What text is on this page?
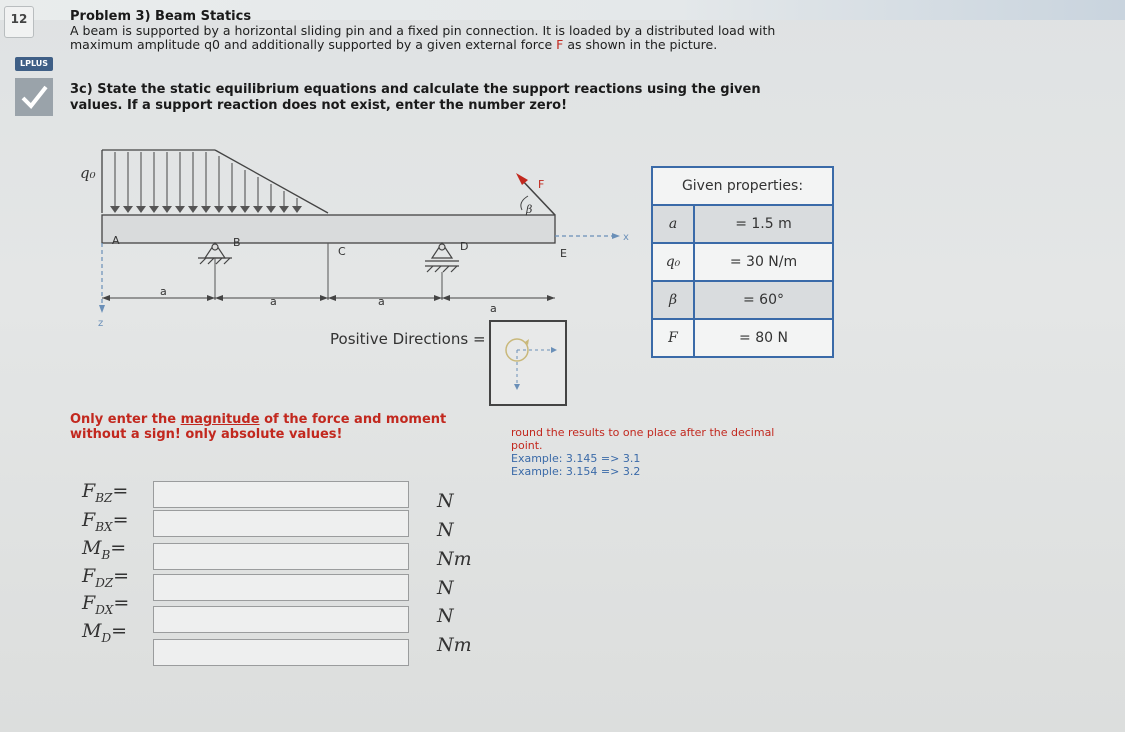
12
LPLUS
Problem 3) Beam Statics
A beam is supported by a horizontal sliding pin and a fixed pin connection. It is loaded by a distributed load with maximum amplitude q0 and additionally supported by a given external force F as shown in the picture.
3c) State the static equilibrium equations and calculate the support reactions using the given values. If a support reaction does not exist, enter the number zero!
q₀
A	B
C	D
E
F
β
x
z
a
a	a
a
Positive Directions =
Given properties:
a	= 1.5 m
q₀	= 30 N/m
β	= 60°
F	= 80 N
Only enter the magnitude of the force and moment without a sign! only absolute values!	round the results to one place after the decimal point.
Example: 3.145 => 3.1
Example: 3.154 => 3.2
$F_{BZ}=$	N
$F_{BX}=$	N
$M_B=$	Nm
$F_{DZ}=$
N
$F_{DX}=$
N
$M_D=$
Nm
